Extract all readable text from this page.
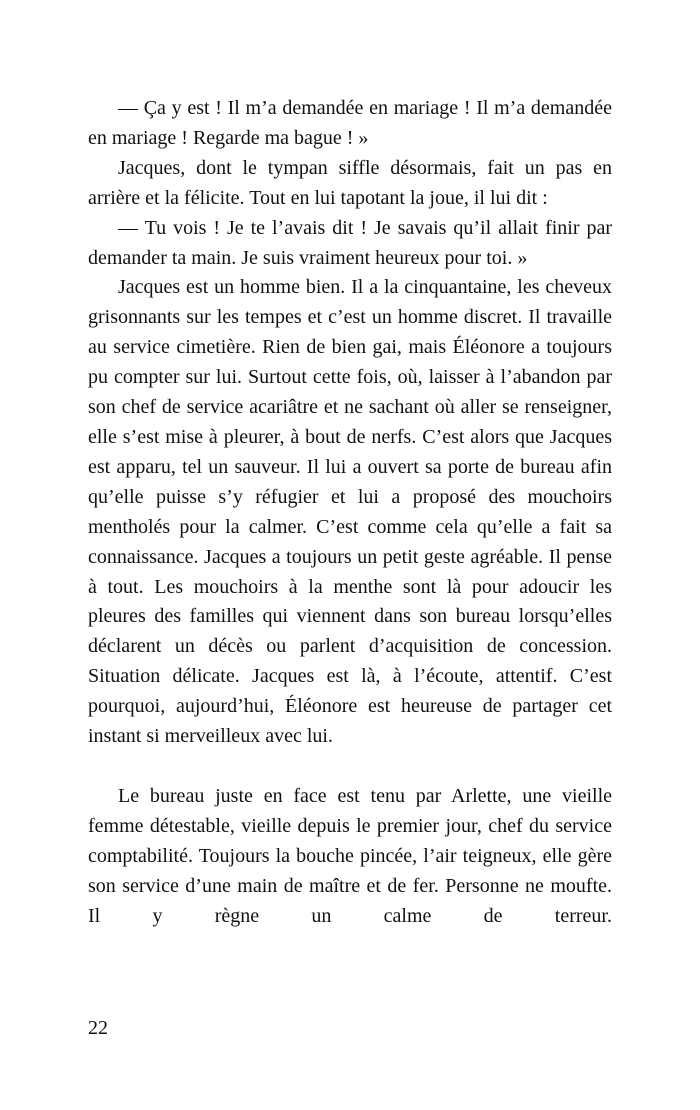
— Ça y est ! Il m’a demandée en mariage ! Il m’a demandée en mariage ! Regarde ma bague ! »

Jacques, dont le tympan siffle désormais, fait un pas en arrière et la félicite. Tout en lui tapotant la joue, il lui dit :

— Tu vois ! Je te l’avais dit ! Je savais qu’il allait finir par demander ta main. Je suis vraiment heureux pour toi. »

Jacques est un homme bien. Il a la cinquantaine, les cheveux grisonnants sur les tempes et c’est un homme discret. Il travaille au service cimetière. Rien de bien gai, mais Éléonore a toujours pu compter sur lui. Surtout cette fois, où, laisser à l’abandon par son chef de service acariâtre et ne sachant où aller se renseigner, elle s’est mise à pleurer, à bout de nerfs. C’est alors que Jacques est apparu, tel un sauveur. Il lui a ouvert sa porte de bureau afin qu’elle puisse s’y réfugier et lui a proposé des mouchoirs mentholés pour la calmer. C’est comme cela qu’elle a fait sa connaissance. Jacques a toujours un petit geste agréable. Il pense à tout. Les mouchoirs à la menthe sont là pour adoucir les pleures des familles qui viennent dans son bureau lorsqu’elles déclarent un décès ou parlent d’acquisition de concession. Situation délicate. Jacques est là, à l’écoute, attentif. C’est pourquoi, aujourd’hui, Éléonore est heureuse de partager cet instant si merveilleux avec lui.

Le bureau juste en face est tenu par Arlette, une vieille femme détestable, vieille depuis le premier jour, chef du service comptabilité. Toujours la bouche pincée, l’air teigneux, elle gère son service d’une main de maître et de fer. Personne ne moufte. Il y règne un calme de terreur.

22
